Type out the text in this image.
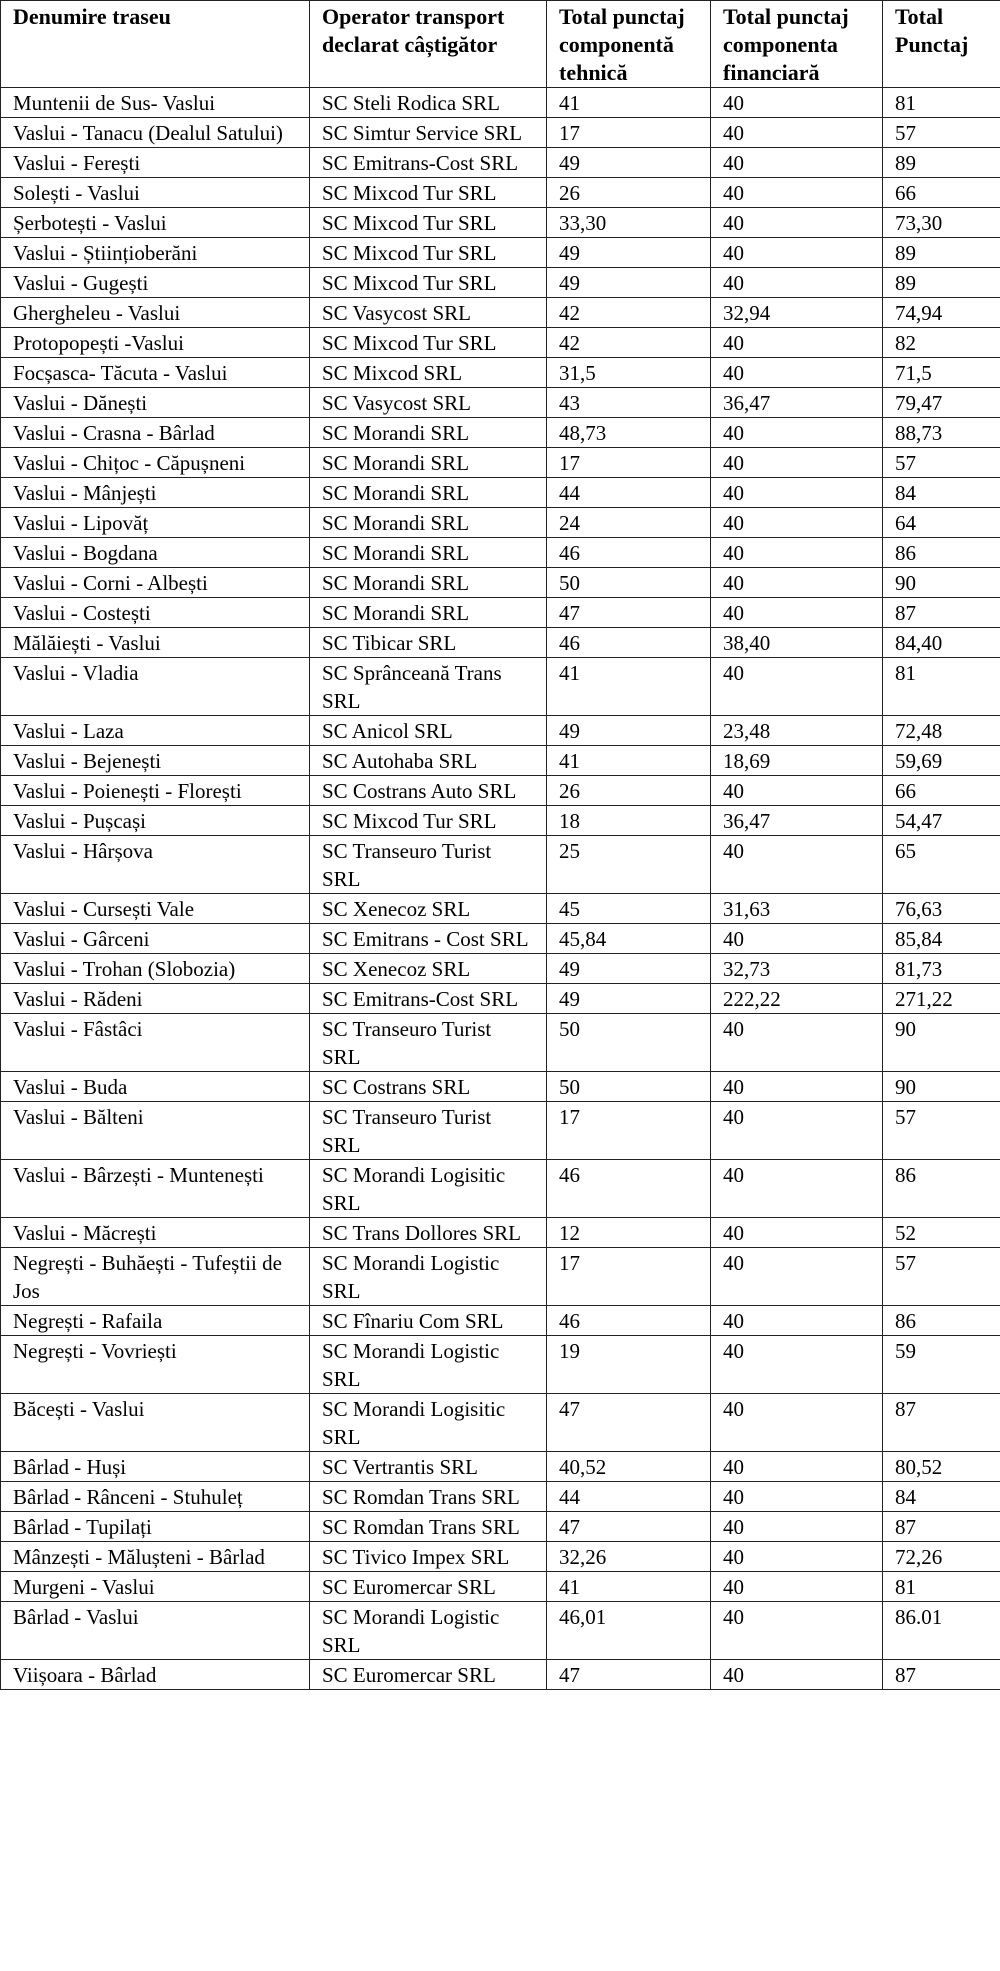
Denumire traseu	Operator transport declarat câștigător	Total punctaj componentă tehnică	Total punctaj componenta financiară	Total Punctaj
Muntenii de Sus- Vaslui	SC Steli Rodica SRL	41	40	81
Vaslui - Tanacu (Dealul Satului)	SC Simtur Service SRL	17	40	57
Vaslui - Ferești	SC Emitrans-Cost SRL	49	40	89
Solești - Vaslui	SC Mixcod Tur SRL	26	40	66
Șerbotești - Vaslui	SC Mixcod Tur SRL	33,30	40	73,30
Vaslui - Științioberăni	SC Mixcod Tur SRL	49	40	89
Vaslui - Gugești	SC Mixcod Tur SRL	49	40	89
Ghergheleu - Vaslui	SC Vasycost SRL	42	32,94	74,94
Protopopești -Vaslui	SC Mixcod Tur SRL	42	40	82
Focșasca- Tăcuta - Vaslui	SC Mixcod SRL	31,5	40	71,5
Vaslui - Dănești	SC Vasycost SRL	43	36,47	79,47
Vaslui - Crasna - Bârlad	SC Morandi SRL	48,73	40	88,73
Vaslui - Chițoc - Căpușneni	SC Morandi SRL	17	40	57
Vaslui - Mânjești	SC Morandi SRL	44	40	84
Vaslui - Lipovăț	SC Morandi SRL	24	40	64
Vaslui - Bogdana	SC Morandi SRL	46	40	86
Vaslui - Corni - Albești	SC Morandi SRL	50	40	90
Vaslui - Costești	SC Morandi SRL	47	40	87
Mălăiești - Vaslui	SC Tibicar SRL	46	38,40	84,40
Vaslui - Vladia	SC Sprânceană Trans SRL	41	40	81
Vaslui - Laza	SC Anicol SRL	49	23,48	72,48
Vaslui - Bejenești	SC Autohaba SRL	41	18,69	59,69
Vaslui - Poienești - Florești	SC Costrans Auto SRL	26	40	66
Vaslui - Pușcași	SC Mixcod Tur SRL	18	36,47	54,47
Vaslui - Hârșova	SC Transeuro Turist SRL	25	40	65
Vaslui - Cursești Vale	SC Xenecoz SRL	45	31,63	76,63
Vaslui - Gârceni	SC Emitrans - Cost SRL	45,84	40	85,84
Vaslui - Trohan (Slobozia)	SC Xenecoz SRL	49	32,73	81,73
Vaslui - Rădeni	SC Emitrans-Cost SRL	49	222,22	271,22
Vaslui - Fâstâci	SC Transeuro Turist SRL	50	40	90
Vaslui - Buda	SC Costrans SRL	50	40	90
Vaslui - Bălteni	SC Transeuro Turist SRL	17	40	57
Vaslui - Bârzești - Muntenești	SC Morandi Logisitic SRL	46	40	86
Vaslui - Măcrești	SC Trans Dollores SRL	12	40	52
Negrești - Buhăești - Tufeștii de Jos	SC Morandi Logistic SRL	17	40	57
Negrești - Rafaila	SC Fînariu Com SRL	46	40	86
Negrești - Vovriești	SC Morandi Logistic SRL	19	40	59
Băcești - Vaslui	SC Morandi Logisitic SRL	47	40	87
Bârlad - Huși	SC Vertrantis SRL	40,52	40	80,52
Bârlad - Rânceni - Stuhuleț	SC Romdan Trans SRL	44	40	84
Bârlad - Tupilați	SC Romdan Trans SRL	47	40	87
Mânzești - Mălușteni - Bârlad	SC Tivico Impex SRL	32,26	40	72,26
Murgeni - Vaslui	SC Euromercar SRL	41	40	81
Bârlad - Vaslui	SC Morandi Logistic SRL	46,01	40	86.01
Viișoara - Bârlad	SC Euromercar SRL	47	40	87
